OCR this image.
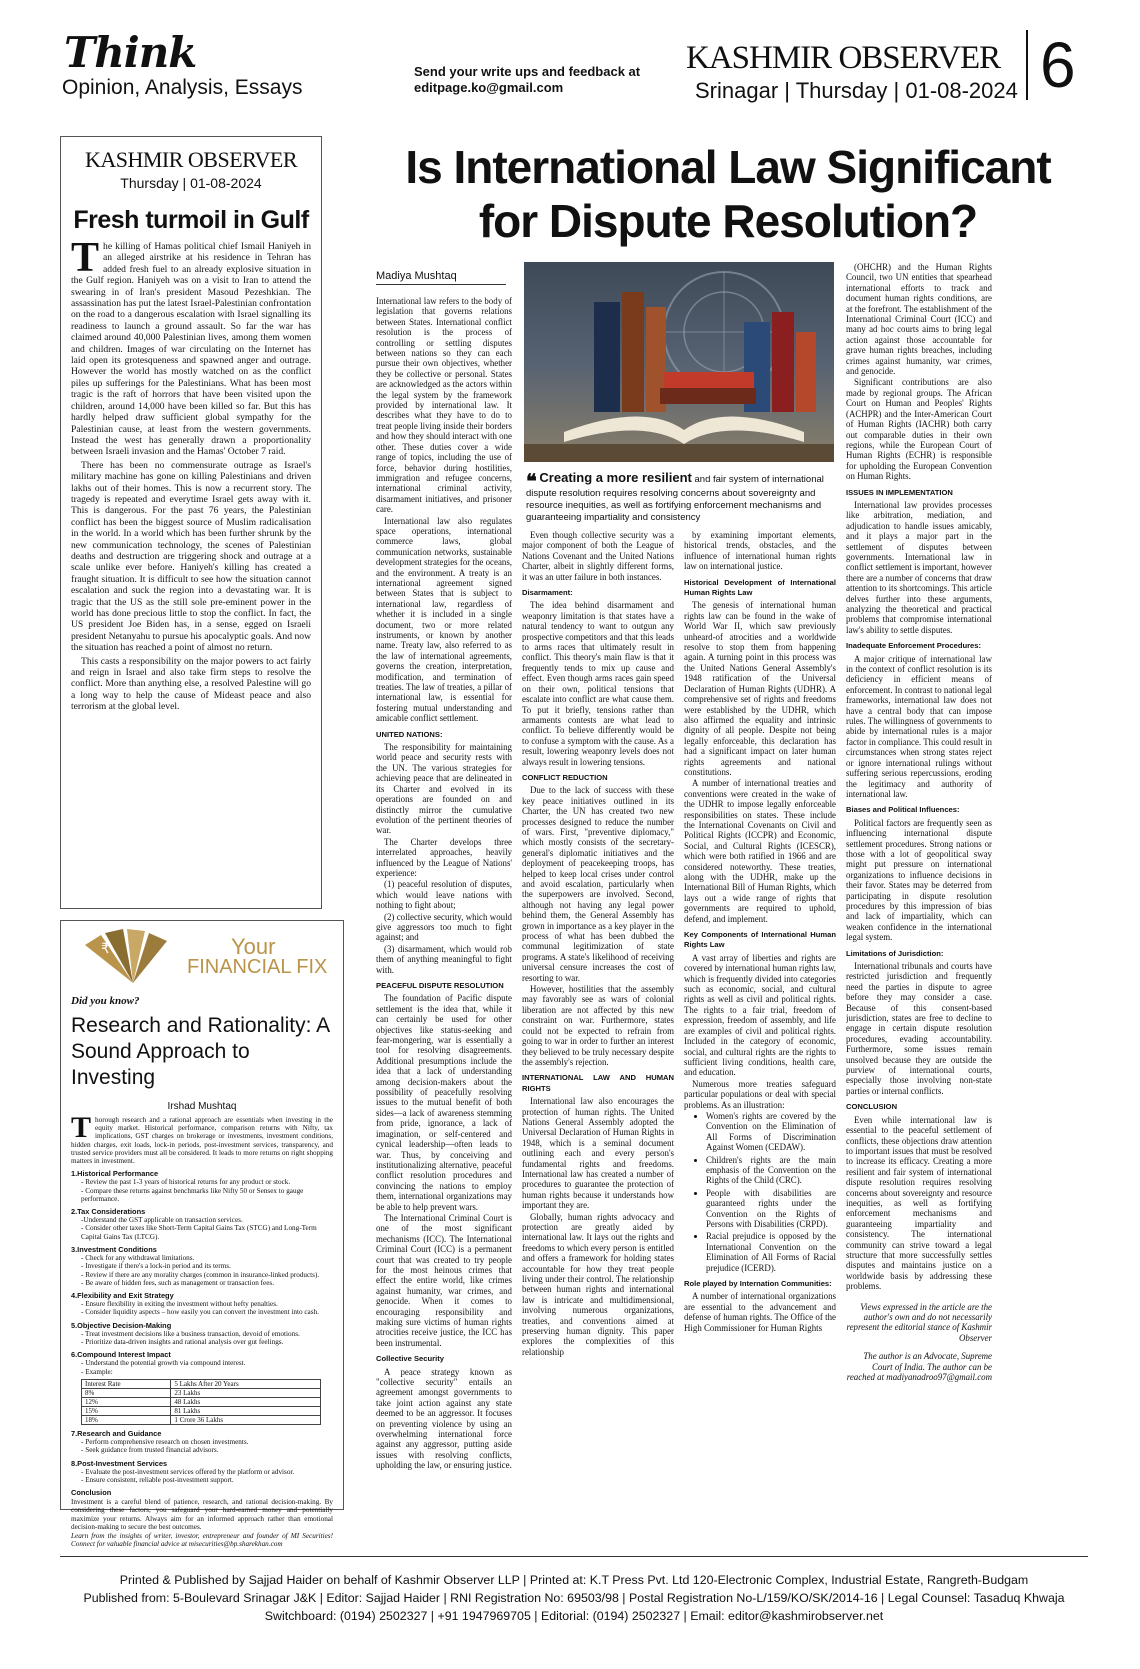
Think
Opinion, Analysis, Essays
Send your write ups and feedback at
editpage.ko@gmail.com
KASHMIR OBSERVER
Srinagar | Thursday | 01-08-2024 6
KASHMIR OBSERVER
Thursday | 01-08-2024
Fresh turmoil in Gulf

The killing of Hamas political chief Ismail Haniyeh in an alleged airstrike at his residence in Tehran has added fresh fuel to an already explosive situation in the Gulf region. Haniyeh was on a visit to Iran to attend the swearing in of Iran's president Masoud Pezeshkian. The assassination has put the latest Israel-Palestinian confrontation on the road to a dangerous escalation with Israel signalling its readiness to launch a ground assault. So far the war has claimed around 40,000 Palestinian lives, among them women and children. Images of war circulating on the Internet has laid open its grotesqueness and spawned anger and outrage. However the world has mostly watched on as the conflict piles up sufferings for the Palestinians. What has been most tragic is the raft of horrors that have been visited upon the children, around 14,000 have been killed so far. But this has hardly helped draw sufficient global sympathy for the Palestinian cause, at least from the western governments. Instead the west has generally drawn a proportionality between Israeli invasion and the Hamas' October 7 raid.

There has been no commensurate outrage as Israel's military machine has gone on killing Palestinians and driven lakhs out of their homes. This is now a recurrent story. The tragedy is repeated and everytime Israel gets away with it. This is dangerous. For the past 76 years, the Palestinian conflict has been the biggest source of Muslim radicalisation in the world. In a world which has been further shrunk by the new communication technology, the scenes of Palestinian deaths and destruction are triggering shock and outrage at a scale unlike ever before. Haniyeh's killing has created a fraught situation. It is difficult to see how the situation cannot escalation and suck the region into a devastating war. It is tragic that the US as the still sole pre-eminent power in the world has done precious little to stop the conflict. In fact, the US president Joe Biden has, in a sense, egged on Israeli president Netanyahu to pursue his apocalyptic goals. And now the situation has reached a point of almost no return.

This casts a responsibility on the major powers to act fairly and reign in Israel and also take firm steps to resolve the conflict. More than anything else, a resolved Palestine will go a long way to help the cause of Mideast peace and also terrorism at the global level.

₹	Your
FINANCIAL FIX
Did you know?
Research and Rationality: A Sound Approach to Investing
Irshad Mushtaq
Thorough research and a rational approach are essentials when investing in the equity market. Historical performance, comparison returns with Nifty, tax implications, GST charges on brokerage or investments, investment conditions, hidden charges, exit loads, lock-in periods, post-investment services, transparency, and trusted service providers must all be considered. It leads to more returns on right shopping matters in investment.
1.Historical Performance
- Review the past 1-3 years of historical returns for any product or stock.
- Compare these returns against benchmarks like Nifty 50 or Sensex to gauge performance.
2.Tax Considerations
-Understand the GST applicable on transaction services.
- Consider other taxes like Short-Term Capital Gains Tax (STCG) and Long-Term Capital Gains Tax (LTCG).
3.Investment Conditions
- Check for any withdrawal limitations.
- Investigate if there's a lock-in period and its terms.
- Review if there are any morality charges (common in insurance-linked products).
- Be aware of hidden fees, such as management or transaction fees.
4.Flexibility and Exit Strategy
- Ensure flexibility in exiting the investment without hefty penalties.
- Consider liquidity aspects – how easily you can convert the investment into cash.
5.Objective Decision-Making
- Treat investment decisions like a business transaction, devoid of emotions.
- Prioritize data-driven insights and rational analysis over gut feelings.
6.Compound Interest Impact
- Understand the potential growth via compound interest.
- Example:
Interest Rate	5 Lakhs After 20 Years
8%	23 Lakhs
12%	48 Lakhs
15%	81 Lakhs
18%	1 Crore 36 Lakhs
7.Research and Guidance
- Perform comprehensive research on chosen investments.
- Seek guidance from trusted financial advisors.
8.Post-Investment Services
- Evaluate the post-investment services offered by the platform or advisor.
- Ensure consistent, reliable post-investment support.
Conclusion
Investment is a careful blend of patience, research, and rational decision-making. By considering these factors, you safeguard your hard-earned money and potentially maximize your returns. Always aim for an informed approach rather than emotional decision-making to secure the best outcomes.
Learn from the insights of writer, investor, entrepreneur and founder of MI Securities! Connect for valuable financial advice at misecurities@bp.sharekhan.com
Is International Law Significant
for Dispute Resolution?
Madiya Mushtaq

International law refers to the body of legislation that governs relations between States. International conflict resolution is the process of controlling or settling disputes between nations so they can each pursue their own objectives, whether they be collective or personal. States are acknowledged as the actors within the legal system by the framework provided by international law. It describes what they have to do to treat people living inside their borders and how they should interact with one other. These duties cover a wide range of topics, including the use of force, behavior during hostilities, immigration and refugee concerns, international criminal activity, disarmament initiatives, and prisoner care.

International law also regulates space operations, international commerce laws, global communication networks, sustainable development strategies for the oceans, and the environment. A treaty is an international agreement signed between States that is subject to international law, regardless of whether it is included in a single document, two or more related instruments, or known by another name. Treaty law, also referred to as the law of international agreements, governs the creation, interpretation, modification, and termination of treaties. The law of treaties, a pillar of international law, is essential for fostering mutual understanding and amicable conflict settlement.

UNITED NATIONS:

The responsibility for maintaining world peace and security rests with the UN. The various strategies for achieving peace that are delineated in its Charter and evolved in its operations are founded on and distinctly mirror the cumulative evolution of the pertinent theories of war.

The Charter develops three interrelated approaches, heavily influenced by the League of Nations' experience:

(1) peaceful resolution of disputes, which would leave nations with nothing to fight about;

(2) collective security, which would give aggressors too much to fight against; and

(3) disarmament, which would rob them of anything meaningful to fight with.

PEACEFUL DISPUTE RESOLUTION

The foundation of Pacific dispute settlement is the idea that, while it can certainly be used for other objectives like status-seeking and fear-mongering, war is essentially a tool for resolving disagreements. Additional presumptions include the idea that a lack of understanding among decision-makers about the possibility of peacefully resolving issues to the mutual benefit of both sides—a lack of awareness stemming from pride, ignorance, a lack of imagination, or self-centered and cynical leadership—often leads to war. Thus, by conceiving and institutionalizing alternative, peaceful conflict resolution procedures and convincing the nations to employ them, international organizations may be able to help prevent wars.

The International Criminal Court is one of the most significant mechanisms (ICC). The International Criminal Court (ICC) is a permanent court that was created to try people for the most heinous crimes that effect the entire world, like crimes against humanity, war crimes, and genocide. When it comes to encouraging responsibility and making sure victims of human rights atrocities receive justice, the ICC has been instrumental.

Collective Security

A peace strategy known as "collective security" entails an agreement amongst governments to take joint action against any state deemed to be an aggressor. It focuses on preventing violence by using an overwhelming international force against any aggressor, putting aside issues with resolving conflicts, upholding the law, or ensuring justice.

❝ Creating a more resilient and fair system of international dispute resolution requires resolving concerns about sovereignty and resource inequities, as well as fortifying enforcement mechanisms and guaranteeing impartiality and consistency

Even though collective security was a major component of both the League of Nations Covenant and the United Nations Charter, albeit in slightly different forms, it was an utter failure in both instances.

Disarmament:

The idea behind disarmament and weaponry limitation is that states have a natural tendency to want to outgun any prospective competitors and that this leads to arms races that ultimately result in conflict. This theory's main flaw is that it frequently tends to mix up cause and effect. Even though arms races gain speed on their own, political tensions that escalate into conflict are what cause them. To put it briefly, tensions rather than armaments contests are what lead to conflict. To believe differently would be to confuse a symptom with the cause. As a result, lowering weaponry levels does not always result in lowering tensions.

CONFLICT REDUCTION

Due to the lack of success with these key peace initiatives outlined in its Charter, the UN has created two new processes designed to reduce the number of wars. First, "preventive diplomacy," which mostly consists of the secretary-general's diplomatic initiatives and the deployment of peacekeeping troops, has helped to keep local crises under control and avoid escalation, particularly when the superpowers are involved. Second, although not having any legal power behind them, the General Assembly has grown in importance as a key player in the process of what has been dubbed the communal legitimization of state programs. A state's likelihood of receiving universal censure increases the cost of resorting to war.

However, hostilities that the assembly may favorably see as wars of colonial liberation are not affected by this new constraint on war. Furthermore, states could not be expected to refrain from going to war in order to further an interest they believed to be truly necessary despite the assembly's rejection.

INTERNATIONAL LAW AND HUMAN RIGHTS

International law also encourages the protection of human rights. The United Nations General Assembly adopted the Universal Declaration of Human Rights in 1948, which is a seminal document outlining each and every person's fundamental rights and freedoms. International law has created a number of procedures to guarantee the protection of human rights because it understands how important they are.

Globally, human rights advocacy and protection are greatly aided by international law. It lays out the rights and freedoms to which every person is entitled and offers a framework for holding states accountable for how they treat people living under their control. The relationship between human rights and international law is intricate and multidimensional, involving numerous organizations, treaties, and conventions aimed at preserving human dignity. This paper explores the complexities of this relationship

by examining important elements, historical trends, obstacles, and the influence of international human rights law on international justice.

Historical Development of International Human Rights Law

The genesis of international human rights law can be found in the wake of World War II, which saw previously unheard-of atrocities and a worldwide resolve to stop them from happening again. A turning point in this process was the United Nations General Assembly's 1948 ratification of the Universal Declaration of Human Rights (UDHR). A comprehensive set of rights and freedoms were established by the UDHR, which also affirmed the equality and intrinsic dignity of all people. Despite not being legally enforceable, this declaration has had a significant impact on later human rights agreements and national constitutions.

A number of international treaties and conventions were created in the wake of the UDHR to impose legally enforceable responsibilities on states. These include the International Covenants on Civil and Political Rights (ICCPR) and Economic, Social, and Cultural Rights (ICESCR), which were both ratified in 1966 and are considered noteworthy. These treaties, along with the UDHR, make up the International Bill of Human Rights, which lays out a wide range of rights that governments are required to uphold, defend, and implement.

Key Components of International Human Rights Law

A vast array of liberties and rights are covered by international human rights law, which is frequently divided into categories such as economic, social, and cultural rights as well as civil and political rights. The rights to a fair trial, freedom of expression, freedom of assembly, and life are examples of civil and political rights. Included in the category of economic, social, and cultural rights are the rights to sufficient living conditions, health care, and education.

Numerous more treaties safeguard particular populations or deal with special problems. As an illustration:

• Women's rights are covered by the Convention on the Elimination of All Forms of Discrimination Against Women (CEDAW).
• Children's rights are the main emphasis of the Convention on the Rights of the Child (CRC).
• People with disabilities are guaranteed rights under the Convention on the Rights of Persons with Disabilities (CRPD).
• Racial prejudice is opposed by the International Convention on the Elimination of All Forms of Racial prejudice (ICERD).
Role played by Internation Communities:

A number of international organizations are essential to the advancement and defense of human rights. The Office of the High Commissioner for Human Rights

(OHCHR) and the Human Rights Council, two UN entities that spearhead international efforts to track and document human rights conditions, are at the forefront. The establishment of the International Criminal Court (ICC) and many ad hoc courts aims to bring legal action against those accountable for grave human rights breaches, including crimes against humanity, war crimes, and genocide.

Significant contributions are also made by regional groups. The African Court on Human and Peoples' Rights (ACHPR) and the Inter-American Court of Human Rights (IACHR) both carry out comparable duties in their own regions, while the European Court of Human Rights (ECHR) is responsible for upholding the European Convention on Human Rights.

ISSUES IN IMPLEMENTATION

International law provides processes like arbitration, mediation, and adjudication to handle issues amicably, and it plays a major part in the settlement of disputes between governments. International law in conflict settlement is important, however there are a number of concerns that draw attention to its shortcomings. This article delves further into these arguments, analyzing the theoretical and practical problems that compromise international law's ability to settle disputes.

Inadequate Enforcement Procedures:

A major critique of international law in the context of conflict resolution is its deficiency in efficient means of enforcement. In contrast to national legal frameworks, international law does not have a central body that can impose rules. The willingness of governments to abide by international rules is a major factor in compliance. This could result in circumstances when strong states reject or ignore international rulings without suffering serious repercussions, eroding the legitimacy and authority of international law.

Biases and Political Influences:

Political factors are frequently seen as influencing international dispute settlement procedures. Strong nations or those with a lot of geopolitical sway might put pressure on international organizations to influence decisions in their favor. States may be deterred from participating in dispute resolution procedures by this impression of bias and lack of impartiality, which can weaken confidence in the international legal system.

Limitations of Jurisdiction:

International tribunals and courts have restricted jurisdiction and frequently need the parties in dispute to agree before they may consider a case. Because of this consent-based jurisdiction, states are free to decline to engage in certain dispute resolution procedures, evading accountability. Furthermore, some issues remain unsolved because they are outside the purview of international courts, especially those involving non-state parties or internal conflicts.

CONCLUSION

Even while international law is essential to the peaceful settlement of conflicts, these objections draw attention to important issues that must be resolved to increase its efficacy. Creating a more resilient and fair system of international dispute resolution requires resolving concerns about sovereignty and resource inequities, as well as fortifying enforcement mechanisms and guaranteeing impartiality and consistency. The international community can strive toward a legal structure that more successfully settles disputes and maintains justice on a worldwide basis by addressing these problems.

Views expressed in the article are the author's own and do not necessarily represent the editorial stance of Kashmir Observer

The author is an Advocate, Supreme Court of India. The author can be reached at madiyanadroo97@gmail.com

Printed & Published by Sajjad Haider on behalf of Kashmir Observer LLP | Printed at: K.T Press Pvt. Ltd 120-Electronic Complex, Industrial Estate, Rangreth-Budgam
Published from: 5-Boulevard Srinagar J&K | Editor: Sajjad Haider | RNI Registration No: 69503/98 | Postal Registration No-L/159/KO/SK/2014-16 | Legal Counsel: Tasaduq Khwaja
Switchboard: (0194) 2502327 | +91 1947969705 | Editorial: (0194) 2502327 | Email: editor@kashmirobserver.net
